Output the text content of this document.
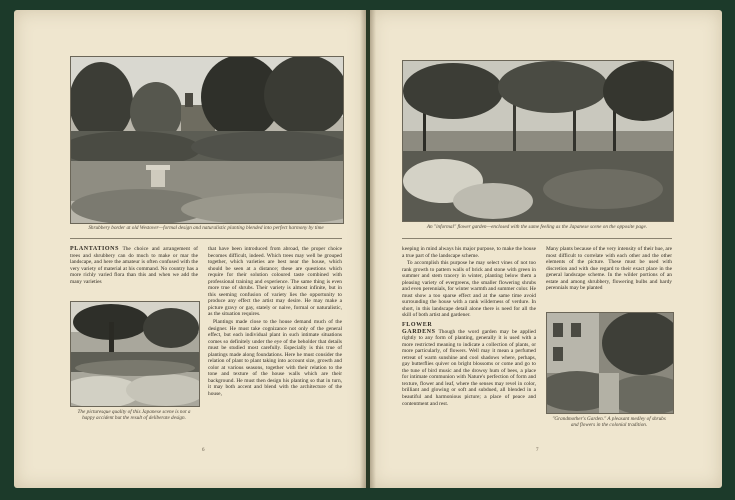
Shrubbery border at old Westover—formal design and naturalistic planting blended into perfect harmony by time

PLANTATIONS The choice and arrangement of trees and shrubbery can do much to make or mar the landscape, and here the amateur is often confused with the very variety of material at his command. No country has a more richly varied flora than this and when we add the many varieties

The picturesque quality of this Japanese scene is not a happy accident but the result of deliberate design.

that have been introduced from abroad, the proper choice becomes difficult, indeed. Which trees may well be grouped together, which varieties are best near the house, which should be seen at a distance; these are questions which require for their solution coloured taste combined with professional training and experience. The same thing is even more true of shrubs. Their variety is almost infinite, but in this seeming confusion of variety lies the opportunity to produce any effect the artist may desire. He may make a picture gravy or gay, stately or naive, formal or naturalistic, as the situation requires.

Plantings made close to the house demand much of the designer. He must take cognizance not only of the general effect, but each individual plant in such intimate situations comes so definitely under the eye of the beholder that details must be studied most carefully. Especially is this true of plantings made along foundations. Here he must consider the relation of plant to plant taking into account size, growth and color at various seasons, together with their relation to the tone and texture of the house walls which are their background. He must then design his planting so that in turn, it may both accent and blend with the architecture of the house,

6
An "informal" flower garden—enclosed with the same feeling as the Japanese scene on the opposite page.

keeping in mind always his major purpose, to make the house a true part of the landscape scheme.

To accomplish this purpose he may select vines of not too rank growth to pattern walls of brick and stone with green in summer and stem tracery in winter, planting below them a pleasing variety of evergreens, the smaller flowering shrubs and even perennials, for winter warmth and summer color. He must show a too sparse effect and at the same time avoid surrounding the house with a rank wilderness of verdure. In short, in this landscape detail alone there is need for all the skill of both artist and gardener.

FLOWER
GARDENS Though the word garden may be applied rightly to any form of planting, generally it is used with a more restricted meaning to indicate a collection of plants, or more particularly, of flowers. Well may it mean a perfumed retreat of warm sunshine and cool shadows where, perhaps, gay butterflies quiver on bright blossoms or come and go to the tune of bird music and the drowsy hum of bees, a place for intimate communion with Nature's perfection of form and texture, flower and leaf, where the senses may revel in color, brilliant and glowing or soft and subdued, all blended in a beautiful and harmonious picture; a place of peace and contentment and rest.

Many plants because of the very intensity of their hue, are most difficult to correlate with each other and the other elements of the picture. These must be used with discretion and with due regard to their exact place in the general landscape scheme. In the wilder portions of an estate and among shrubbery, flowering bulbs and hardy perennials may be planted

"Grandmother's Garden." A pleasant medley of shrubs and flowers in the colonial tradition.
7
